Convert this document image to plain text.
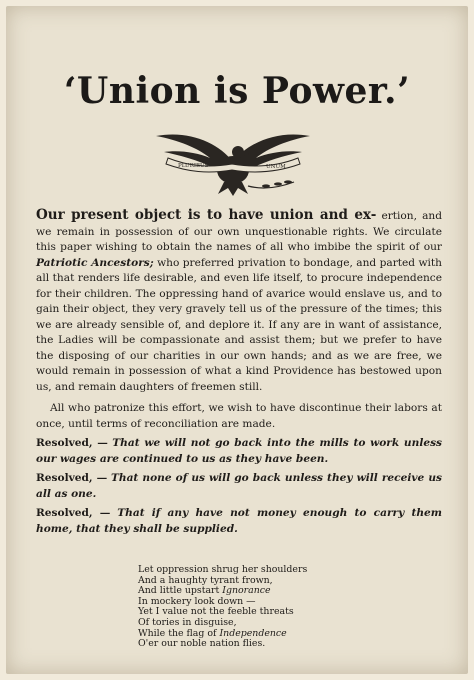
‘Union is Power.’
PLURIBUS	UNUM
Our present object is to have union and ex- ertion, and we remain in possession of our own unquestionable rights. We circulate this paper wishing to obtain the names of all who imbibe the spirit of our Patriotic Ancestors; who preferred privation to bondage, and parted with all that renders life desirable, and even life itself, to procure independence for their children. The oppressing hand of avarice would enslave us, and to gain their object, they very gravely tell us of the pressure of the times; this we are already sensible of, and deplore it. If any are in want of assistance, the Ladies will be compassionate and assist them; but we prefer to have the disposing of our charities in our own hands; and as we are free, we would remain in possession of what a kind Providence has bestowed upon us, and remain daughters of freemen still.
All who patronize this effort, we wish to have discontinue their labors at once, until terms of reconciliation are made.
Resolved, — That we will not go back into the mills to work unless our wages are continued to us as they have been.
Resolved, — That none of us will go back unless they will receive us all as one.
Resolved, — That if any have not money enough to carry them home, that they shall be supplied.
Let oppression shrug her shoulders
And a haughty tyrant frown,
And little upstart Ignorance
In mockery look down —
Yet I value not the feeble threats
Of tories in disguise,
While the flag of Independence
O'er our noble nation flies.
